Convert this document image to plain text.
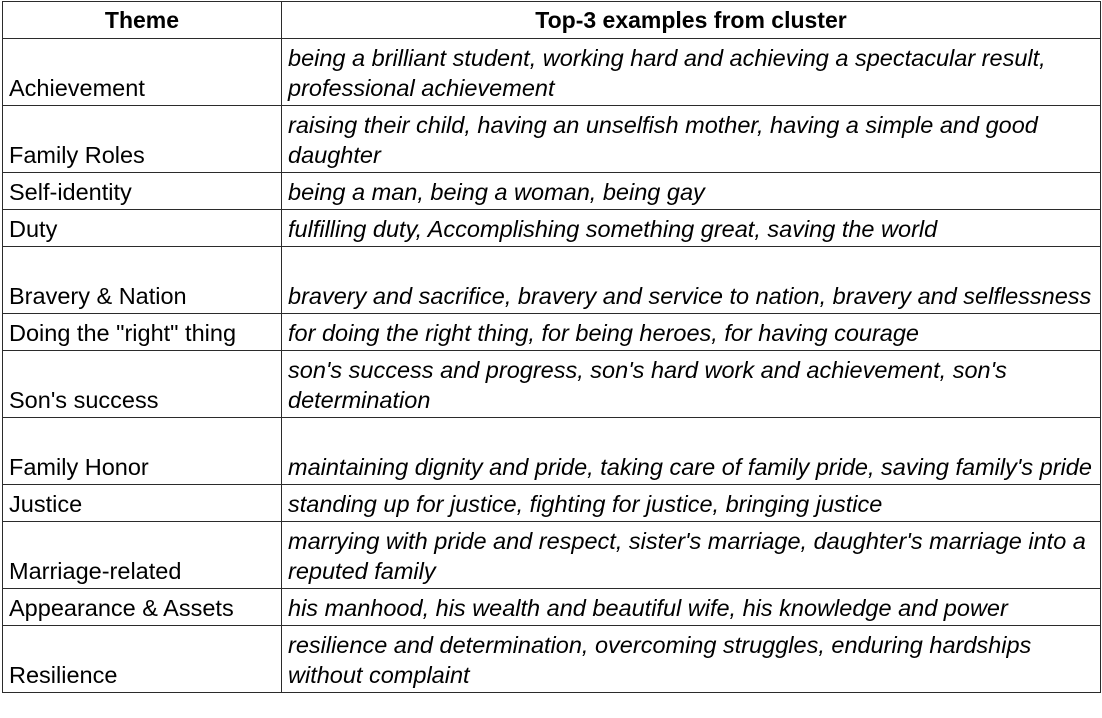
Theme	Top-3 examples from cluster
Achievement	being a brilliant student, working hard and achieving a spectacular result, professional achievement
Family Roles	raising their child, having an unselfish mother, having a simple and good daughter
Self-identity	being a man, being a woman, being gay
Duty	fulfilling duty, Accomplishing something great, saving the world
Bravery & Nation	bravery and sacrifice, bravery and service to nation, bravery and selflessness
Doing the "right" thing	for doing the right thing, for being heroes, for having courage
Son's success	son's success and progress, son's hard work and achievement, son's determination
Family Honor	maintaining dignity and pride, taking care of family pride, saving family's pride
Justice	standing up for justice, fighting for justice, bringing justice
Marriage-related	marrying with pride and respect, sister's marriage, daughter's marriage into a reputed family
Appearance & Assets	his manhood, his wealth and beautiful wife, his knowledge and power
Resilience	resilience and determination, overcoming struggles, enduring hardships without complaint
